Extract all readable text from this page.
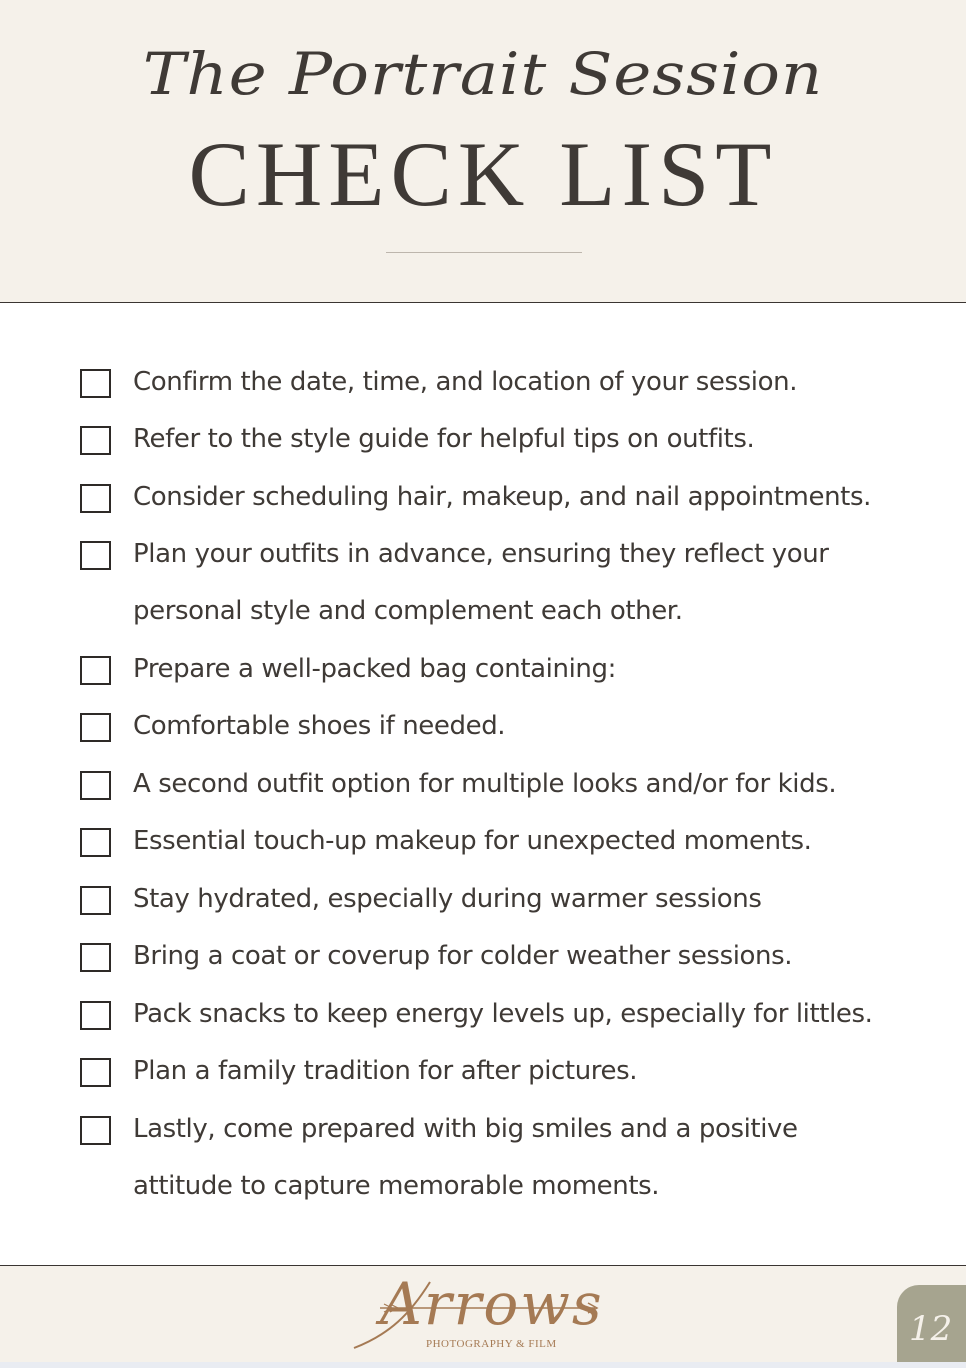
The Portrait Session
CHECK LIST
Confirm the date, time, and location of your session.
Refer to the style guide for helpful tips on outfits.
Consider scheduling hair, makeup, and nail appointments.
Plan your outfits in advance, ensuring they reflect your
personal style and complement each other.
Prepare a well-packed bag containing:
Comfortable shoes if needed.
A second outfit option for multiple looks and/or for kids.
Essential touch-up makeup for unexpected moments.
Stay hydrated, especially during warmer sessions
Bring a coat or coverup for colder weather sessions.
Pack snacks to keep energy levels up, especially for littles.
Plan a family tradition for after pictures.
Lastly, come prepared with big smiles and a positive
attitude to capture memorable moments.
Arrows
PHOTOGRAPHY & FILM	12
